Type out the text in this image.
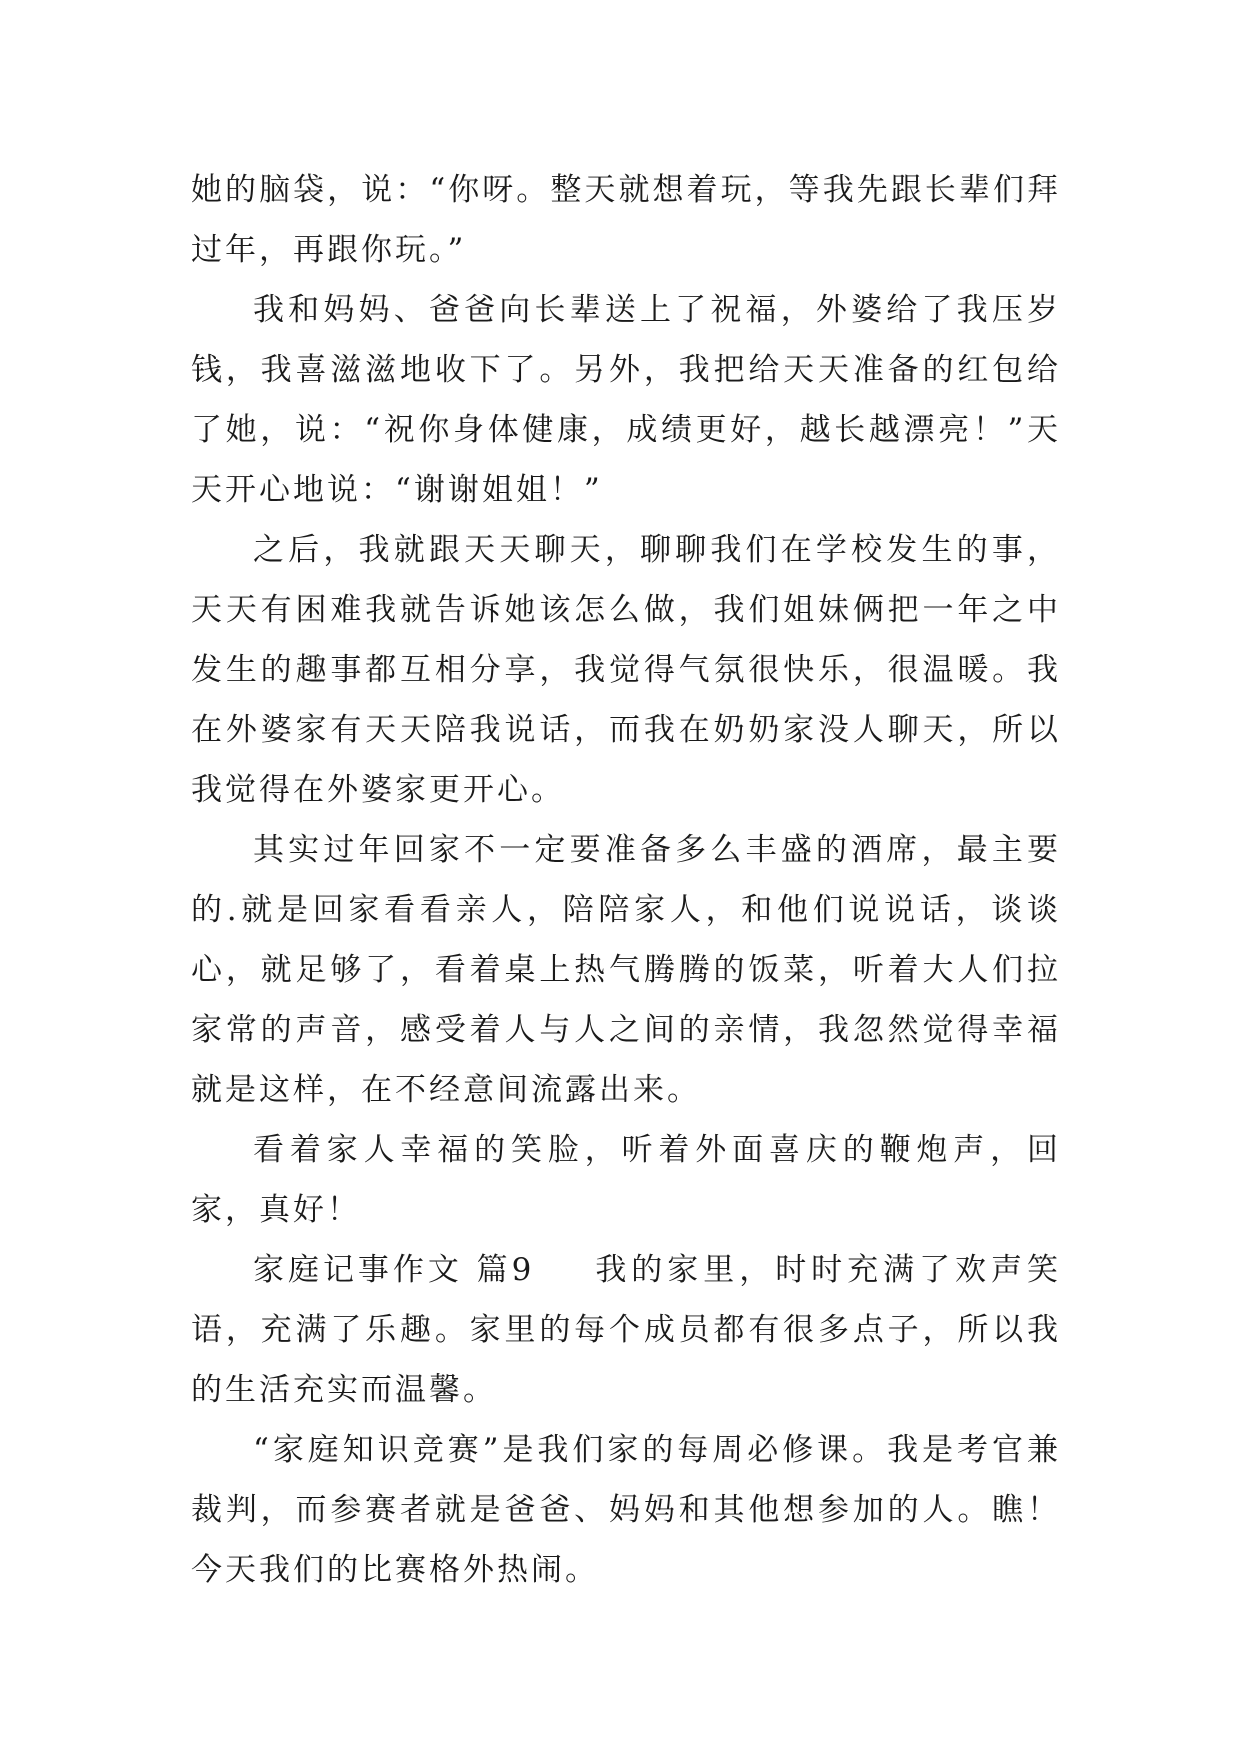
她的脑袋，说：“你呀。整天就想着玩，等我先跟长辈们拜过年，再跟你玩。”

我和妈妈、爸爸向长辈送上了祝福，外婆给了我压岁钱，我喜滋滋地收下了。另外，我把给天天准备的红包给了她，说：“祝你身体健康，成绩更好，越长越漂亮！”天天开心地说：“谢谢姐姐！”

之后，我就跟天天聊天，聊聊我们在学校发生的事，天天有困难我就告诉她该怎么做，我们姐妹俩把一年之中发生的趣事都互相分享，我觉得气氛很快乐，很温暖。我在外婆家有天天陪我说话，而我在奶奶家没人聊天，所以我觉得在外婆家更开心。

其实过年回家不一定要准备多么丰盛的酒席，最主要的.就是回家看看亲人，陪陪家人，和他们说说话，谈谈心，就足够了，看着桌上热气腾腾的饭菜，听着大人们拉家常的声音，感受着人与人之间的亲情，我忽然觉得幸福就是这样，在不经意间流露出来。

看着家人幸福的笑脸，听着外面喜庆的鞭炮声，回家，真好！

家庭记事作文 篇9 我的家里，时时充满了欢声笑语，充满了乐趣。家里的每个成员都有很多点子，所以我的生活充实而温馨。

“家庭知识竞赛”是我们家的每周必修课。我是考官兼裁判，而参赛者就是爸爸、妈妈和其他想参加的人。瞧！今天我们的比赛格外热闹。
